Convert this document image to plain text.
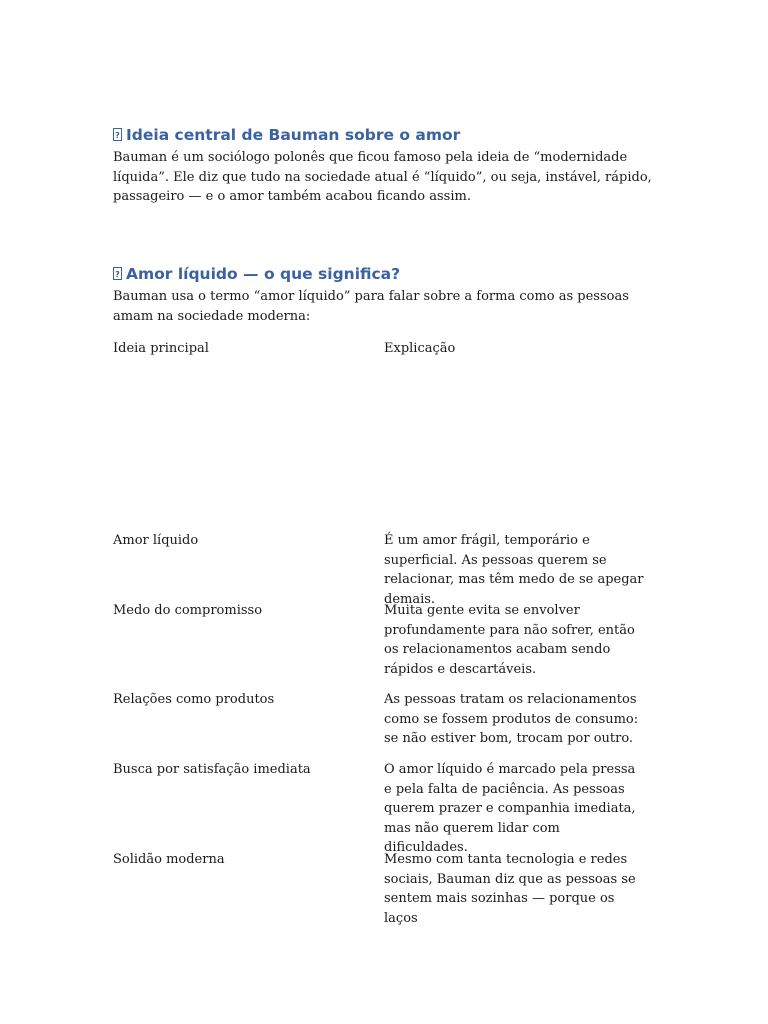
?Ideia central de Bauman sobre o amor

Bauman é um sociólogo polonês que ficou famoso pela ideia de “modernidade líquida”. Ele diz que tudo na sociedade atual é “líquido”, ou seja, instável, rápido, passageiro — e o amor também acabou ficando assim.

?Amor líquido — o que significa?

Bauman usa o termo “amor líquido” para falar sobre a forma como as pessoas amam na sociedade moderna:

Ideia principal	Explicação

Amor líquido	É um amor frágil, temporário e superficial. As pessoas querem se relacionar, mas têm medo de se apegar demais.

Medo do compromisso	Muita gente evita se envolver profundamente para não sofrer, então os relacionamentos acabam sendo rápidos e descartáveis.

Relações como produtos	As pessoas tratam os relacionamentos como se fossem produtos de consumo: se não estiver bom, trocam por outro.

Busca por satisfação imediata	O amor líquido é marcado pela pressa e pela falta de paciência. As pessoas querem prazer e companhia imediata, mas não querem lidar com dificuldades.

Solidão moderna	Mesmo com tanta tecnologia e redes sociais, Bauman diz que as pessoas se sentem mais sozinhas — porque os laços
